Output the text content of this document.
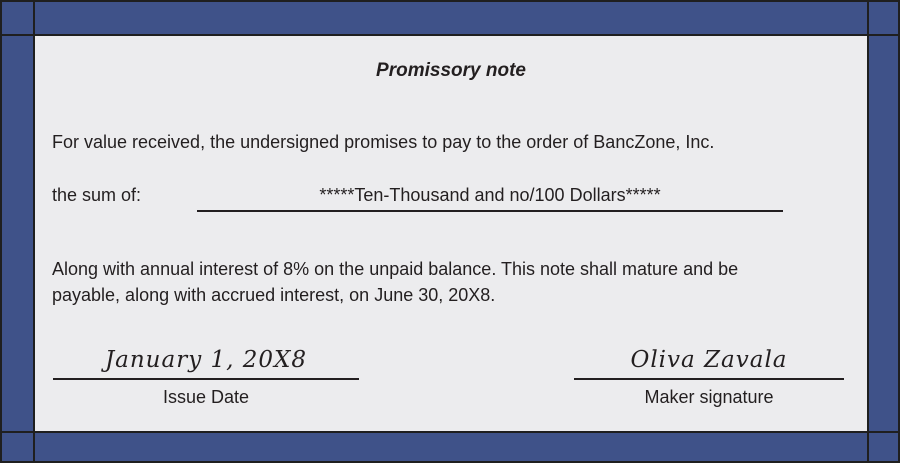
Promissory note
For value received, the undersigned promises to pay to the order of BancZone, Inc.
the sum of:	*****Ten-Thousand and no/100 Dollars*****
Along with annual interest of 8% on the unpaid balance. This note shall mature and be
payable, along with accrued interest, on June 30, 20X8.
January 1, 20X8
Issue Date
Oliva Zavala
Maker signature
